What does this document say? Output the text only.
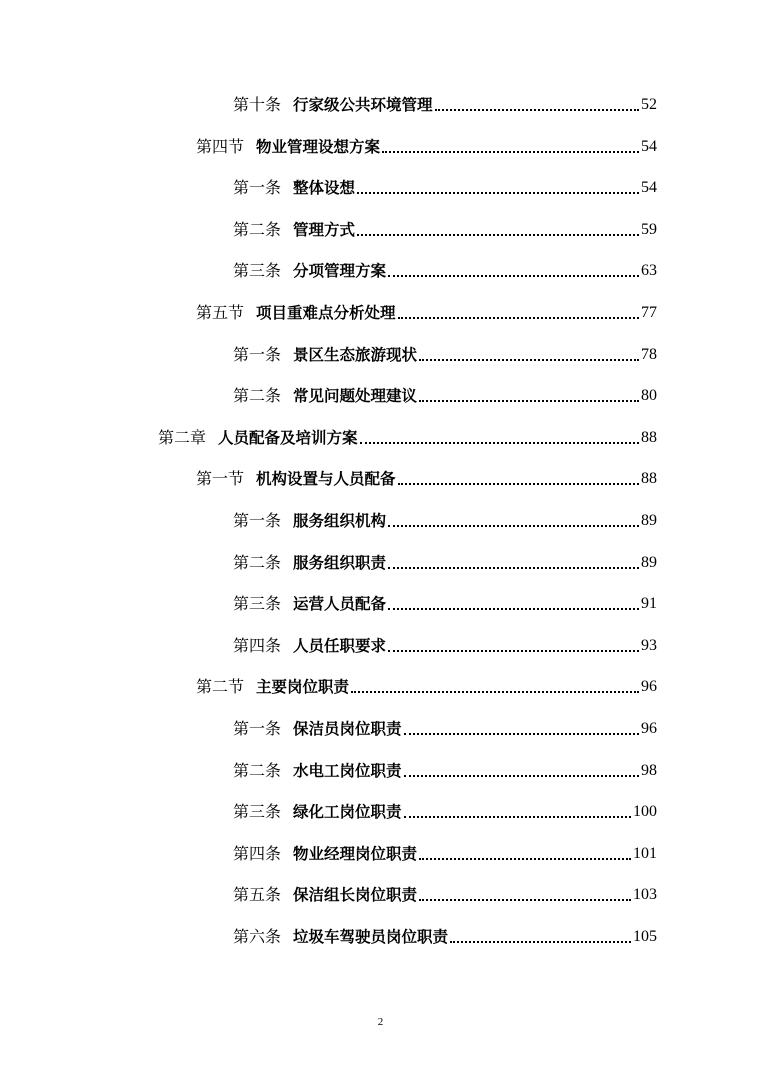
第十条 行家级公共环境管理	52
第四节 物业管理设想方案	54
第一条 整体设想	54
第二条 管理方式	59
第三条 分项管理方案	63
第五节 项目重难点分析处理	77
第一条 景区生态旅游现状	78
第二条 常见问题处理建议	80
第二章 人员配备及培训方案	88
第一节 机构设置与人员配备	88
第一条 服务组织机构	89
第二条 服务组织职责	89
第三条 运营人员配备	91
第四条 人员任职要求	93
第二节 主要岗位职责	96
第一条 保洁员岗位职责	96
第二条 水电工岗位职责	98
第三条 绿化工岗位职责	100
第四条 物业经理岗位职责	101
第五条 保洁组长岗位职责	103
第六条 垃圾车驾驶员岗位职责	105
2
